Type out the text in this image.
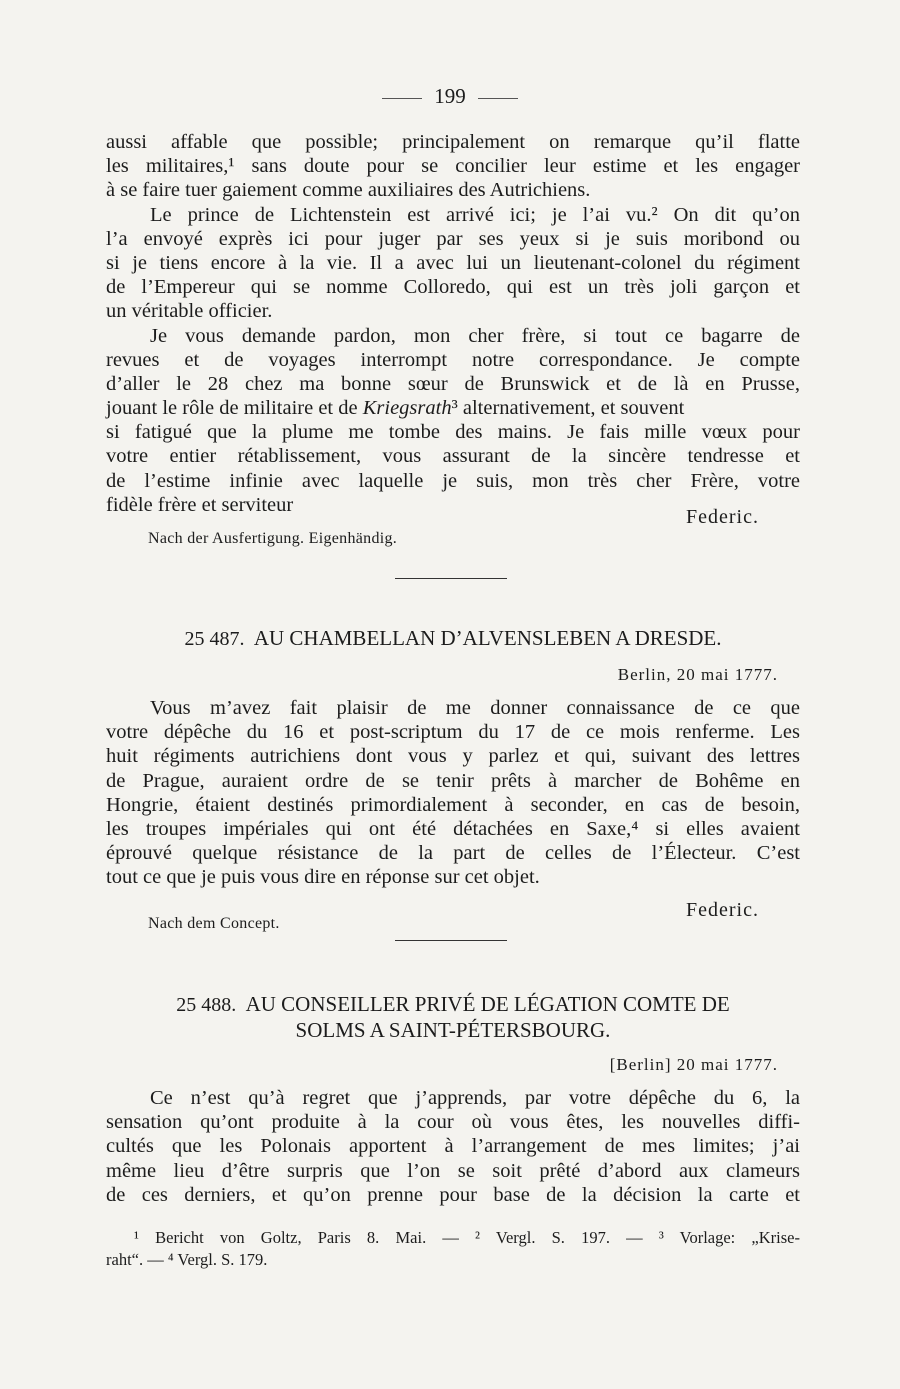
199
aussi affable que possible; principalement on remarque qu’il flatte
les militaires,¹ sans doute pour se concilier leur estime et les engager
à se faire tuer gaiement comme auxiliaires des Autrichiens.
Le prince de Lichtenstein est arrivé ici; je l’ai vu.² On dit qu’on
l’a envoyé exprès ici pour juger par ses yeux si je suis moribond ou
si je tiens encore à la vie. Il a avec lui un lieutenant-colonel du régiment
de l’Empereur qui se nomme Colloredo, qui est un très joli garçon et
un véritable officier.
Je vous demande pardon, mon cher frère, si tout ce bagarre de
revues et de voyages interrompt notre correspondance. Je compte
d’aller le 28 chez ma bonne sœur de Brunswick et de là en Prusse,
jouant le rôle de militaire et de Kriegsrath³ alternativement, et souvent
si fatigué que la plume me tombe des mains. Je fais mille vœux pour
votre entier rétablissement, vous assurant de la sincère tendresse et
de l’estime infinie avec laquelle je suis, mon très cher Frère, votre
fidèle frère et serviteur
Federic.
Nach der Ausfertigung. Eigenhändig.
25 487. AU CHAMBELLAN D’ALVENSLEBEN A DRESDE.
Berlin, 20 mai 1777.
Vous m’avez fait plaisir de me donner connaissance de ce que
votre dépêche du 16 et post-scriptum du 17 de ce mois renferme. Les
huit régiments autrichiens dont vous y parlez et qui, suivant des lettres
de Prague, auraient ordre de se tenir prêts à marcher de Bohême en
Hongrie, étaient destinés primordialement à seconder, en cas de besoin,
les troupes impériales qui ont été détachées en Saxe,⁴ si elles avaient
éprouvé quelque résistance de la part de celles de l’Électeur. C’est
tout ce que je puis vous dire en réponse sur cet objet.
Federic.
Nach dem Concept.
25 488. AU CONSEILLER PRIVÉ DE LÉGATION COMTE DE
SOLMS A SAINT-PÉTERSBOURG.
[Berlin] 20 mai 1777.
Ce n’est qu’à regret que j’apprends, par votre dépêche du 6, la
sensation qu’ont produite à la cour où vous êtes, les nouvelles diffi-
cultés que les Polonais apportent à l’arrangement de mes limites; j’ai
même lieu d’être surpris que l’on se soit prêté d’abord aux clameurs
de ces derniers, et qu’on prenne pour base de la décision la carte et
¹ Bericht von Goltz, Paris 8. Mai. — ² Vergl. S. 197. — ³ Vorlage: „Krise-
raht“. — ⁴ Vergl. S. 179.
